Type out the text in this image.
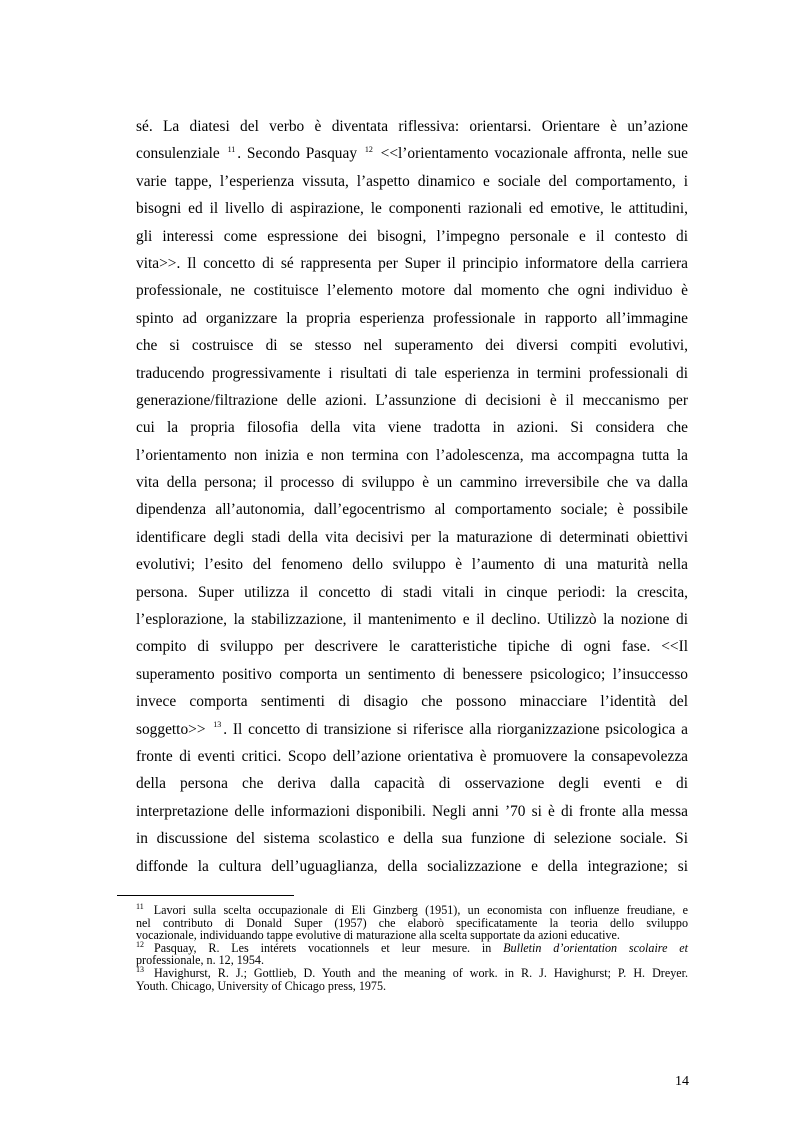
sé. La diatesi del verbo è diventata riflessiva: orientarsi. Orientare è un’azione
consulenziale $^{11}$ . Secondo Pasquay $^{12}$ <<l’orientamento vocazionale affronta, nelle sue
varie tappe, l’esperienza vissuta, l’aspetto dinamico e sociale del comportamento, i
bisogni ed il livello di aspirazione, le componenti razionali ed emotive, le attitudini,
gli interessi come espressione dei bisogni, l’impegno personale e il contesto di
vita>>. Il concetto di sé rappresenta per Super il principio informatore della carriera
professionale, ne costituisce l’elemento motore dal momento che ogni individuo è
spinto ad organizzare la propria esperienza professionale in rapporto all’immagine
che si costruisce di se stesso nel superamento dei diversi compiti evolutivi,
traducendo progressivamente i risultati di tale esperienza in termini professionali di
generazione/filtrazione delle azioni. L’assunzione di decisioni è il meccanismo per
cui la propria filosofia della vita viene tradotta in azioni. Si considera che
l’orientamento non inizia e non termina con l’adolescenza, ma accompagna tutta la
vita della persona; il processo di sviluppo è un cammino irreversibile che va dalla
dipendenza all’autonomia, dall’egocentrismo al comportamento sociale; è possibile
identificare degli stadi della vita decisivi per la maturazione di determinati obiettivi
evolutivi; l’esito del fenomeno dello sviluppo è l’aumento di una maturità nella
persona. Super utilizza il concetto di stadi vitali in cinque periodi: la crescita,
l’esplorazione, la stabilizzazione, il mantenimento e il declino. Utilizzò la nozione di
compito di sviluppo per descrivere le caratteristiche tipiche di ogni fase. <<Il
superamento positivo comporta un sentimento di benessere psicologico; l’insuccesso
invece comporta sentimenti di disagio che possono minacciare l’identità del
soggetto>> $^{13}$ . Il concetto di transizione si riferisce alla riorganizzazione psicologica a
fronte di eventi critici. Scopo dell’azione orientativa è promuovere la consapevolezza
della persona che deriva dalla capacità di osservazione degli eventi e di
interpretazione delle informazioni disponibili. Negli anni ’70 si è di fronte alla messa
in discussione del sistema scolastico e della sua funzione di selezione sociale. Si
diffonde la cultura dell’uguaglianza, della socializzazione e della integrazione; si
$^{11}$ Lavori sulla scelta occupazionale di Eli Ginzberg (1951), un economista con influenze freudiane, e
nel contributo di Donald Super (1957) che elaborò specificatamente la teoria dello sviluppo
vocazionale, individuando tappe evolutive di maturazione alla scelta supportate da azioni educative.
$^{12}$ Pasquay, R. Les intérets vocationnels et leur mesure. in Bulletin d’orientation scolaire et
professionale, n. 12, 1954.
$^{13}$ Havighurst, R. J.; Gottlieb, D. Youth and the meaning of work. in R. J. Havighurst; P. H. Dreyer.
Youth. Chicago, University of Chicago press, 1975.
14
